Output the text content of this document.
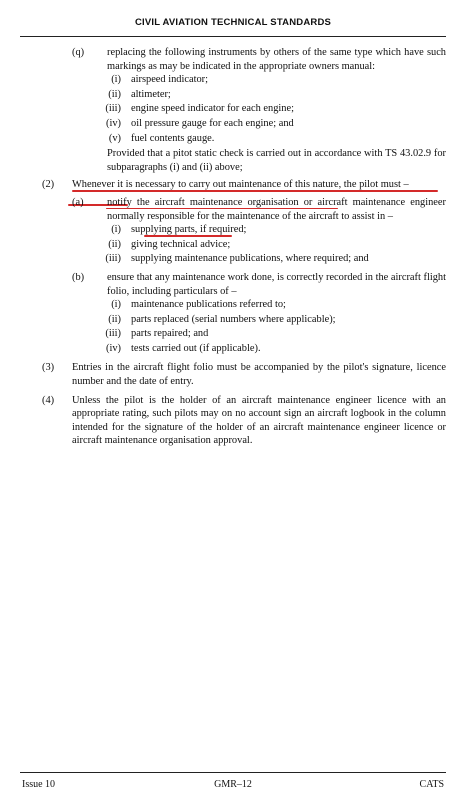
CIVIL AVIATION TECHNICAL STANDARDS
(q) replacing the following instruments by others of the same type which have such markings as may be indicated in the appropriate owners manual:
(i) airspeed indicator;
(ii) altimeter;
(iii) engine speed indicator for each engine;
(iv) oil pressure gauge for each engine; and
(v) fuel contents gauge.
Provided that a pitot static check is carried out in accordance with TS 43.02.9 for subparagraphs (i) and (ii) above;
(2) Whenever it is necessary to carry out maintenance of this nature, the pilot must –
(a) notify the aircraft maintenance organisation or aircraft maintenance engineer normally responsible for the maintenance of the aircraft to assist in –
(i) supplying parts, if required;
(ii) giving technical advice;
(iii) supplying maintenance publications, where required; and
(b) ensure that any maintenance work done, is correctly recorded in the aircraft flight folio, including particulars of –
(i) maintenance publications referred to;
(ii) parts replaced (serial numbers where applicable);
(iii) parts repaired; and
(iv) tests carried out (if applicable).
(3) Entries in the aircraft flight folio must be accompanied by the pilot's signature, licence number and the date of entry.
(4) Unless the pilot is the holder of an aircraft maintenance engineer licence with an appropriate rating, such pilots may on no account sign an aircraft logbook in the column intended for the signature of the holder of an aircraft maintenance engineer licence or aircraft maintenance organisation approval.
Issue 10	GMR–12	CATS
